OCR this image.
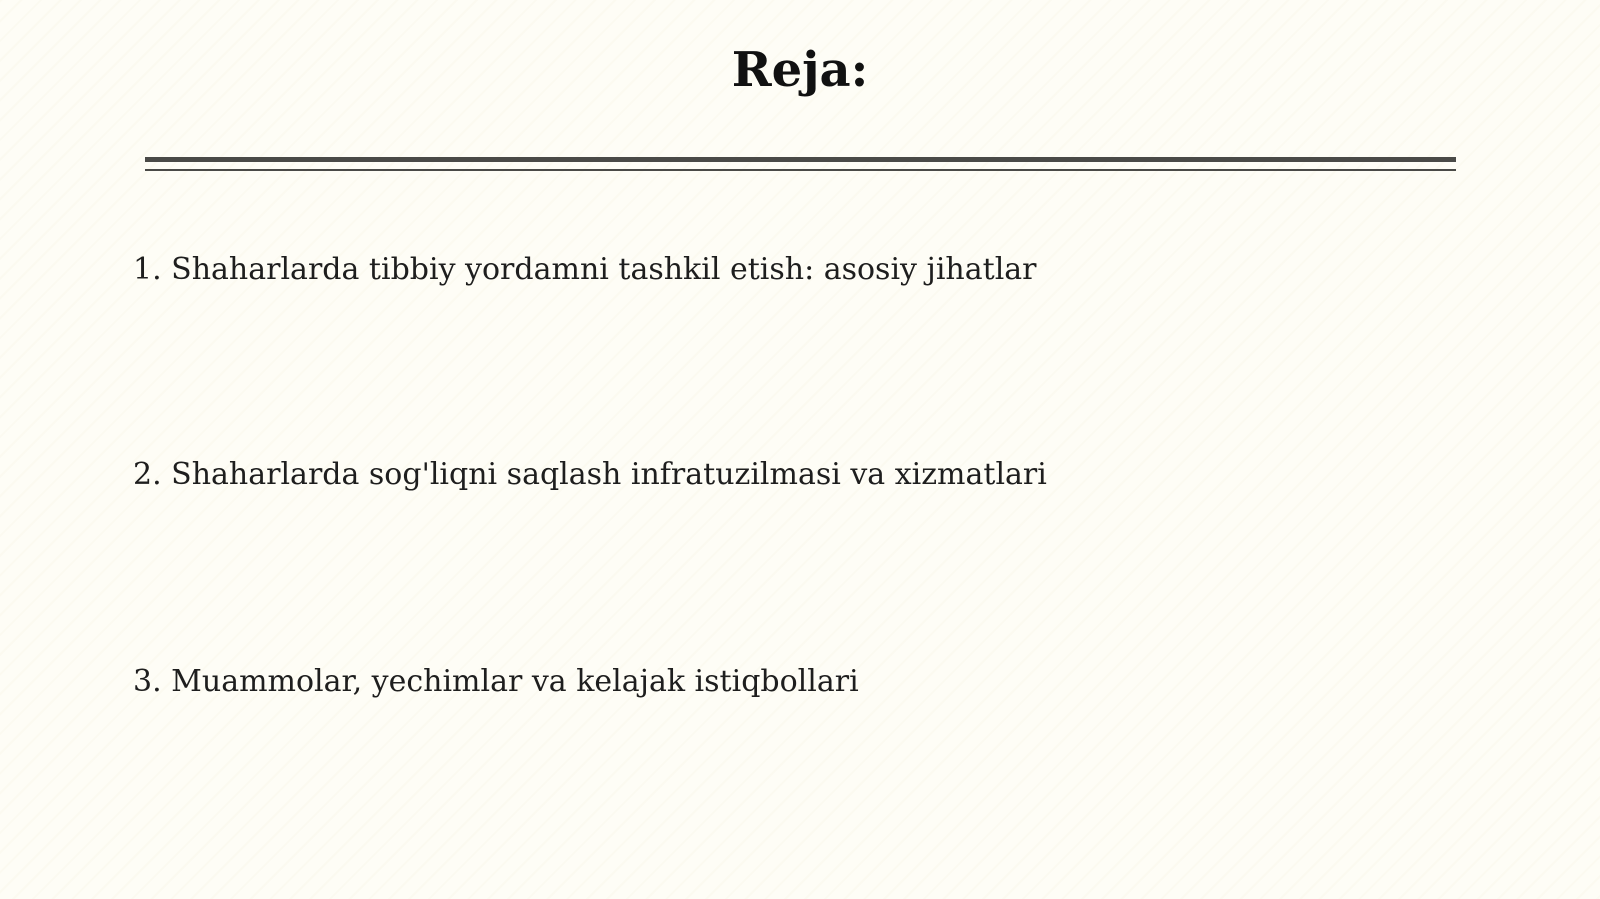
Reja:
1. Shaharlarda tibbiy yordamni tashkil etish: asosiy jihatlar
2. Shaharlarda sog'liqni saqlash infratuzilmasi va xizmatlari
3. Muammolar, yechimlar va kelajak istiqbollari
